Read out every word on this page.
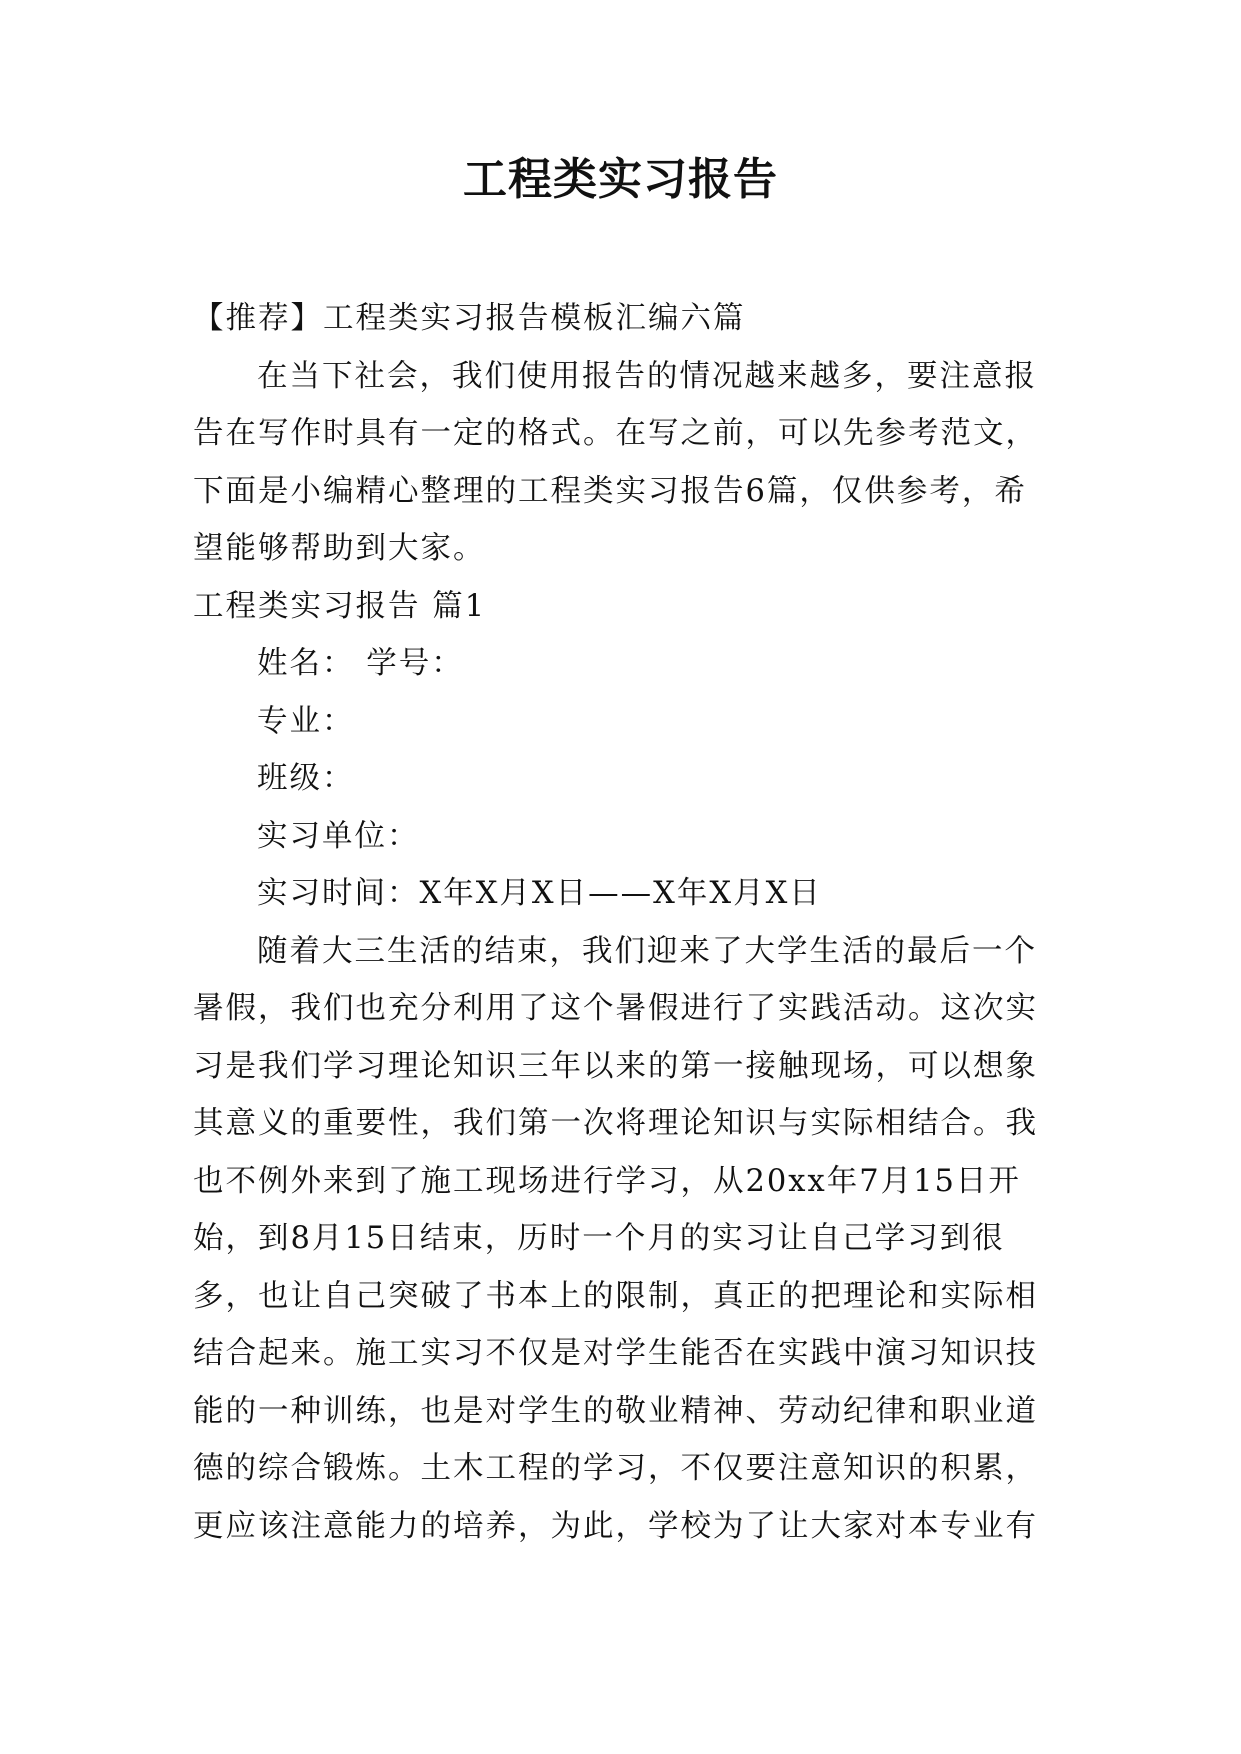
工程类实习报告
【推荐】工程类实习报告模板汇编六篇
在当下社会，我们使用报告的情况越来越多，要注意报
告在写作时具有一定的格式。在写之前，可以先参考范文，
下面是小编精心整理的工程类实习报告6篇，仅供参考，希
望能够帮助到大家。
工程类实习报告 篇1
姓名： 学号：
专业：
班级：
实习单位：
实习时间：X年X月X日——X年X月X日
随着大三生活的结束，我们迎来了大学生活的最后一个
暑假，我们也充分利用了这个暑假进行了实践活动。这次实
习是我们学习理论知识三年以来的第一接触现场，可以想象
其意义的重要性，我们第一次将理论知识与实际相结合。我
也不例外来到了施工现场进行学习，从20xx年7月15日开
始，到8月15日结束，历时一个月的实习让自己学习到很
多，也让自己突破了书本上的限制，真正的把理论和实际相
结合起来。施工实习不仅是对学生能否在实践中演习知识技
能的一种训练，也是对学生的敬业精神、劳动纪律和职业道
德的综合锻炼。土木工程的学习，不仅要注意知识的积累，
更应该注意能力的培养，为此，学校为了让大家对本专业有
